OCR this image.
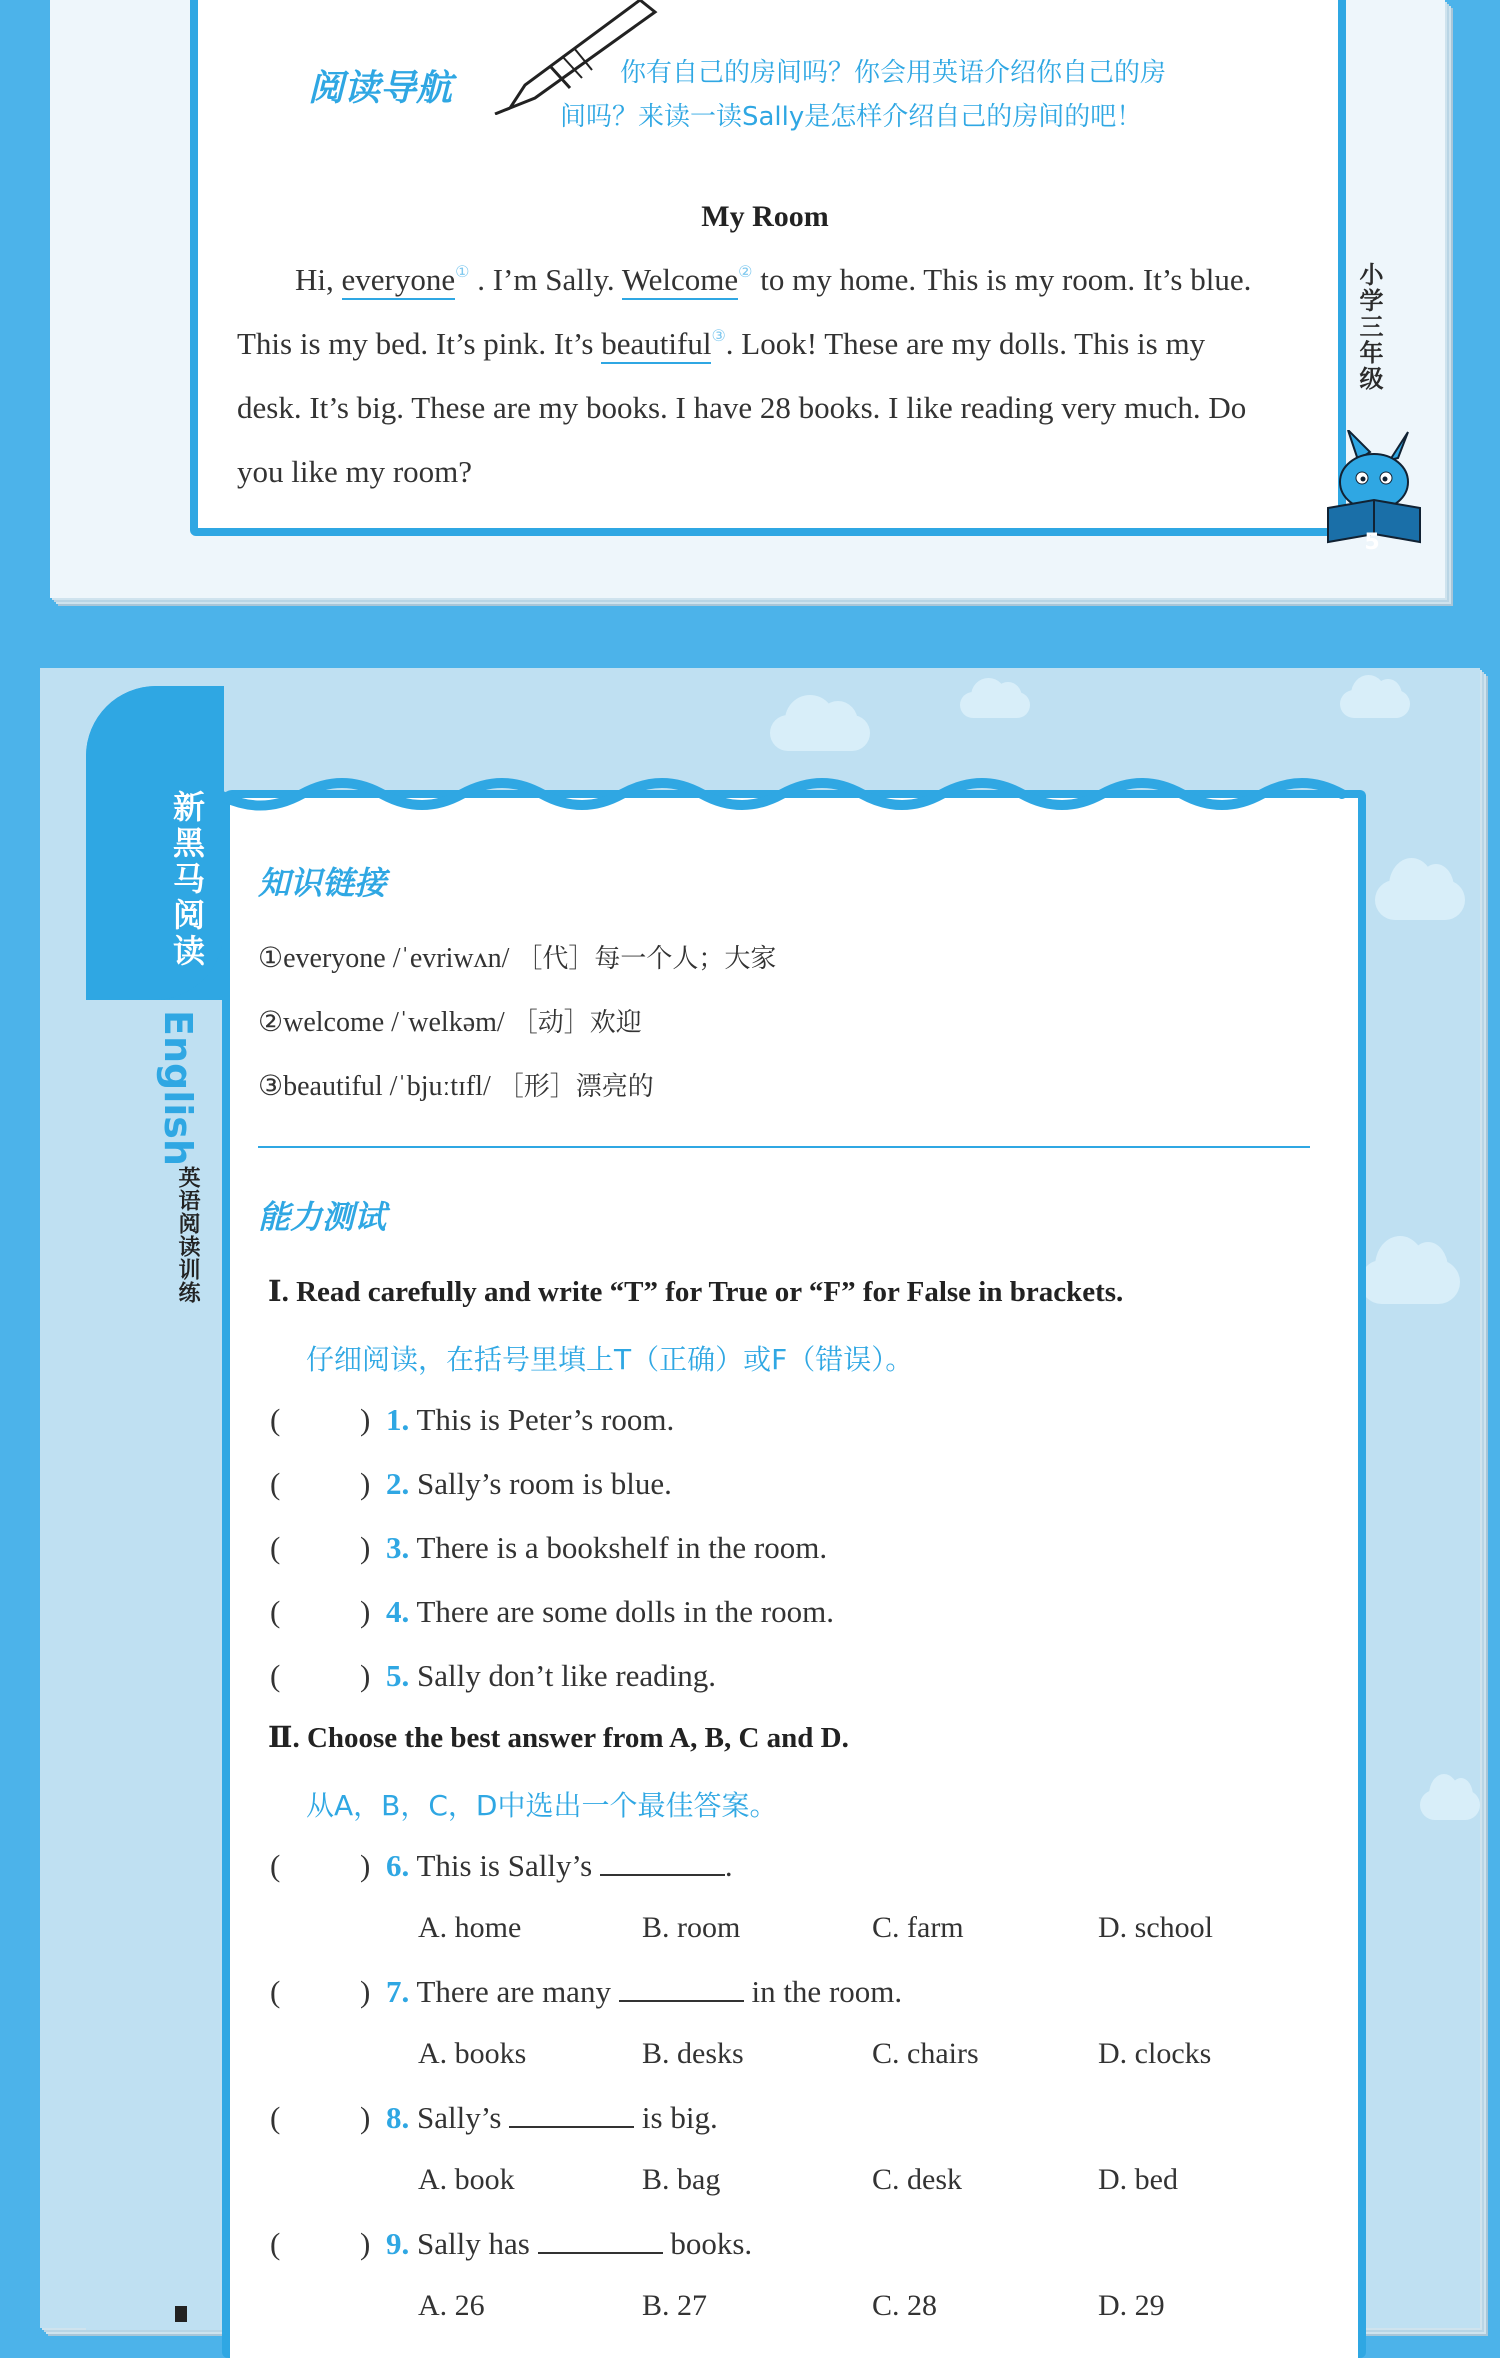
阅读导航	你有自己的房间吗？你会用英语介绍你自己的房
间吗？来读一读Sally是怎样介绍自己的房间的吧！
My Room
Hi, everyone① . I’m Sally. Welcome② to my home. This is my room. It’s blue.
This is my bed. It’s pink. It’s beautiful③. Look! These are my dolls. This is my
desk. It’s big. These are my books. I have 28 books. I like reading very much. Do
you like my room?
小学三年级
5
新黑马阅读
English
英语阅读训练
知识链接
①everyone /ˈevriwʌn/ ［代］每一个人；大家
②welcome /ˈwelkəm/ ［动］欢迎
③beautiful /ˈbjuːtɪfl/ ［形］漂亮的
能力测试
Ⅰ. Read carefully and write “T” for True or “F” for False in brackets.
仔细阅读，在括号里填上T（正确）或F（错误）。
(	) 1. This is Peter’s room.
(	) 2. Sally’s room is blue.
(	) 3. There is a bookshelf in the room.
(	) 4. There are some dolls in the room.
(	) 5. Sally don’t like reading.
Ⅱ. Choose the best answer from A, B, C and D.
从A，B，C，D中选出一个最佳答案。
(	) 6. This is Sally’s	.
A. home	B. room	C. farm	D. school
(	) 7. There are many	in the room.
A. books	B. desks	C. chairs	D. clocks
(	) 8. Sally’s	is big.
A. book	B. bag	C. desk	D. bed
(	) 9. Sally has	books.
A. 26	B. 27	C. 28	D. 29
